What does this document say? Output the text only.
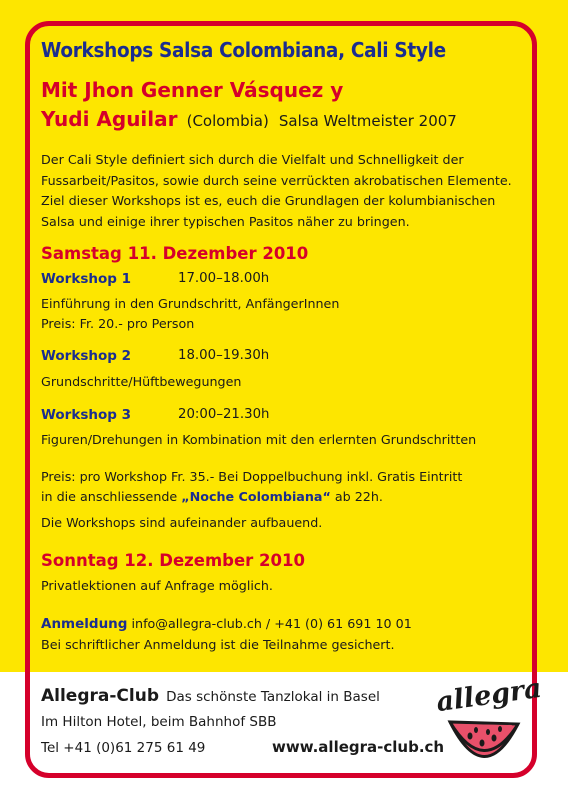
Workshops Salsa Colombiana, Cali Style
Mit Jhon Genner Vásquez y
Yudi Aguilar (Colombia) Salsa Weltmeister 2007
Der Cali Style definiert sich durch die Vielfalt und Schnelligkeit der
Fussarbeit/Pasitos, sowie durch seine verrückten akrobatischen Elemente.
Ziel dieser Workshops ist es, euch die Grundlagen der kolumbianischen
Salsa und einige ihrer typischen Pasitos näher zu bringen.
Samstag 11. Dezember 2010
Workshop 1	17.00–18.00h
Einführung in den Grundschritt, AnfängerInnen
Preis: Fr. 20.- pro Person
Workshop 2	18.00–19.30h
Grundschritte/Hüftbewegungen
Workshop 3	20:00–21.30h
Figuren/Drehungen in Kombination mit den erlernten Grundschritten
Preis: pro Workshop Fr. 35.- Bei Doppelbuchung inkl. Gratis Eintritt
in die anschliessende „Noche Colombiana“ ab 22h.
Die Workshops sind aufeinander aufbauend.
Sonntag 12. Dezember 2010
Privatlektionen auf Anfrage möglich.
Anmeldung info@allegra-club.ch / +41 (0) 61 691 10 01
Bei schriftlicher Anmeldung ist die Teilnahme gesichert.
Allegra-Club Das schönste Tanzlokal in Basel
Im Hilton Hotel, beim Bahnhof SBB
Tel +41 (0)61 275 61 49	www.allegra-club.ch
allegra
